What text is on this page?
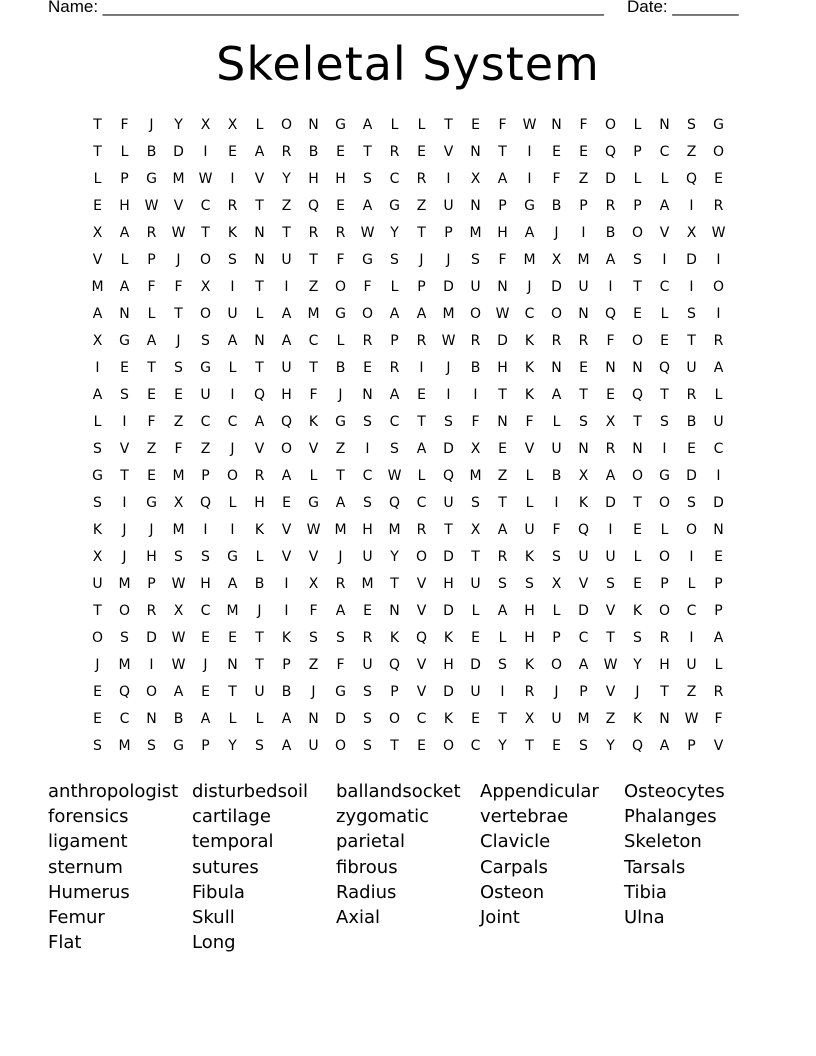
Name: _____________________________________________________ Date: _______
Skeletal System
T	F	J	Y	X	X	L	O	N	G	A	L	L	T	E	F	W	N	F	O	L	N	S	G
T	L	B	D	I	E	A	R	B	E	T	R	E	V	N	T	I	E	E	Q	P	C	Z	O
L	P	G	M	W	I	V	Y	H	H	S	C	R	I	X	A	I	F	Z	D	L	L	Q	E
E	H	W	V	C	R	T	Z	Q	E	A	G	Z	U	N	P	G	B	P	R	P	A	I	R
X	A	R	W	T	K	N	T	R	R	W	Y	T	P	M	H	A	J	I	B	O	V	X	W
V	L	P	J	O	S	N	U	T	F	G	S	J	J	S	F	M	X	M	A	S	I	D	I
M	A	F	F	X	I	T	I	Z	O	F	L	P	D	U	N	J	D	U	I	T	C	I	O
A	N	L	T	O	U	L	A	M	G	O	A	A	M	O	W	C	O	N	Q	E	L	S	I
X	G	A	J	S	A	N	A	C	L	R	P	R	W	R	D	K	R	R	F	O	E	T	R
I	E	T	S	G	L	T	U	T	B	E	R	I	J	B	H	K	N	E	N	N	Q	U	A
A	S	E	E	U	I	Q	H	F	J	N	A	E	I	I	T	K	A	T	E	Q	T	R	L
L	I	F	Z	C	C	A	Q	K	G	S	C	T	S	F	N	F	L	S	X	T	S	B	U
S	V	Z	F	Z	J	V	O	V	Z	I	S	A	D	X	E	V	U	N	R	N	I	E	C
G	T	E	M	P	O	R	A	L	T	C	W	L	Q	M	Z	L	B	X	A	O	G	D	I
S	I	G	X	Q	L	H	E	G	A	S	Q	C	U	S	T	L	I	K	D	T	O	S	D
K	J	J	M	I	I	K	V	W	M	H	M	R	T	X	A	U	F	Q	I	E	L	O	N
X	J	H	S	S	G	L	V	V	J	U	Y	O	D	T	R	K	S	U	U	L	O	I	E
U	M	P	W	H	A	B	I	X	R	M	T	V	H	U	S	S	X	V	S	E	P	L	P
T	O	R	X	C	M	J	I	F	A	E	N	V	D	L	A	H	L	D	V	K	O	C	P
O	S	D	W	E	E	T	K	S	S	R	K	Q	K	E	L	H	P	C	T	S	R	I	A
J	M	I	W	J	N	T	P	Z	F	U	Q	V	H	D	S	K	O	A	W	Y	H	U	L
E	Q	O	A	E	T	U	B	J	G	S	P	V	D	U	I	R	J	P	V	J	T	Z	R
E	C	N	B	A	L	L	A	N	D	S	O	C	K	E	T	X	U	M	Z	K	N	W	F
S	M	S	G	P	Y	S	A	U	O	S	T	E	O	C	Y	T	E	S	Y	Q	A	P	V
anthropologist disturbedsoil	ballandsocket	Appendicular	Osteocytes
forensics	cartilage	zygomatic	vertebrae	Phalanges
ligament	temporal	parietal	Clavicle	Skeleton
sternum	sutures	fibrous	Carpals	Tarsals
Humerus	Fibula	Radius	Osteon	Tibia
Femur	Skull	Axial	Joint	Ulna
Flat	Long
